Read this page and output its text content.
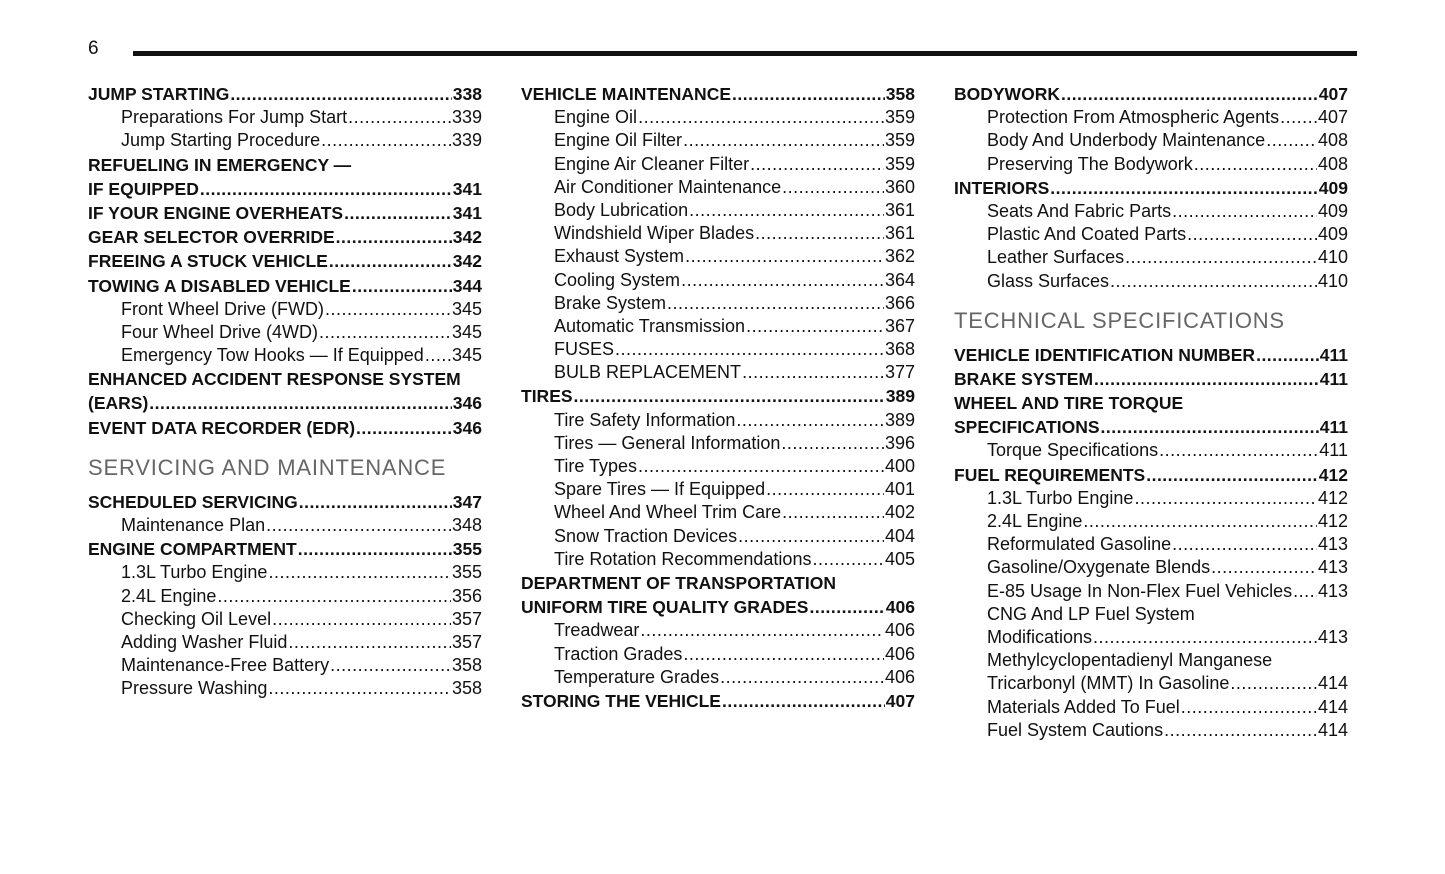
6
JUMP STARTING .....	338
Preparations For Jump Start .....	339
Jump Starting Procedure .....	339
REFUELING IN EMERGENCY —
IF EQUIPPED .....	341
IF YOUR ENGINE OVERHEATS .....	341
GEAR SELECTOR OVERRIDE .....	342
FREEING A STUCK VEHICLE .....	342
TOWING A DISABLED VEHICLE .....	344
Front Wheel Drive (FWD) .....	345
Four Wheel Drive (4WD) .....	345
Emergency Tow Hooks — If Equipped ..... 345
ENHANCED ACCIDENT RESPONSE SYSTEM
(EARS) .....	346
EVENT DATA RECORDER (EDR) .....	346
SERVICING AND MAINTENANCE
SCHEDULED SERVICING .....	347
Maintenance Plan .....	348
ENGINE COMPARTMENT .....	355
1.3L Turbo Engine .....	355
2.4L Engine .....	356
Checking Oil Level .....	357
Adding Washer Fluid .....	357
Maintenance-Free Battery .....	358
Pressure Washing .....	358
VEHICLE MAINTENANCE .....	358
Engine Oil .....	359
Engine Oil Filter .....	359
Engine Air Cleaner Filter .....	359
Air Conditioner Maintenance .....	360
Body Lubrication .....	361
Windshield Wiper Blades .....	361
Exhaust System .....	362
Cooling System .....	364
Brake System .....	366
Automatic Transmission .....	367
FUSES .....	368
BULB REPLACEMENT .....	377
TIRES .....	389
Tire Safety Information .....	389
Tires — General Information .....	396
Tire Types .....	400
Spare Tires — If Equipped .....	401
Wheel And Wheel Trim Care .....	402
Snow Traction Devices .....	404
Tire Rotation Recommendations .....	405
DEPARTMENT OF TRANSPORTATION
UNIFORM TIRE QUALITY GRADES .....	406
Treadwear .....	406
Traction Grades .....	406
Temperature Grades .....	406
STORING THE VEHICLE .....	407
BODYWORK .....	407
Protection From Atmospheric Agents ..... 407
Body And Underbody Maintenance .....	408
Preserving The Bodywork .....	408
INTERIORS .....	409
Seats And Fabric Parts .....	409
Plastic And Coated Parts .....	409
Leather Surfaces .....	410
Glass Surfaces .....	410
TECHNICAL SPECIFICATIONS
VEHICLE IDENTIFICATION NUMBER .....	411
BRAKE SYSTEM .....	411
WHEEL AND TIRE TORQUE
SPECIFICATIONS .....	411
Torque Specifications .....	411
FUEL REQUIREMENTS .....	412
1.3L Turbo Engine .....	412
2.4L Engine .....	412
Reformulated Gasoline .....	413
Gasoline/Oxygenate Blends .....	413
E-85 Usage In Non-Flex Fuel Vehicles ..... 413
CNG And LP Fuel System
Modifications .....	413
Methylcyclopentadienyl Manganese
Tricarbonyl (MMT) In Gasoline .....	414
Materials Added To Fuel .....	414
Fuel System Cautions .....	414
